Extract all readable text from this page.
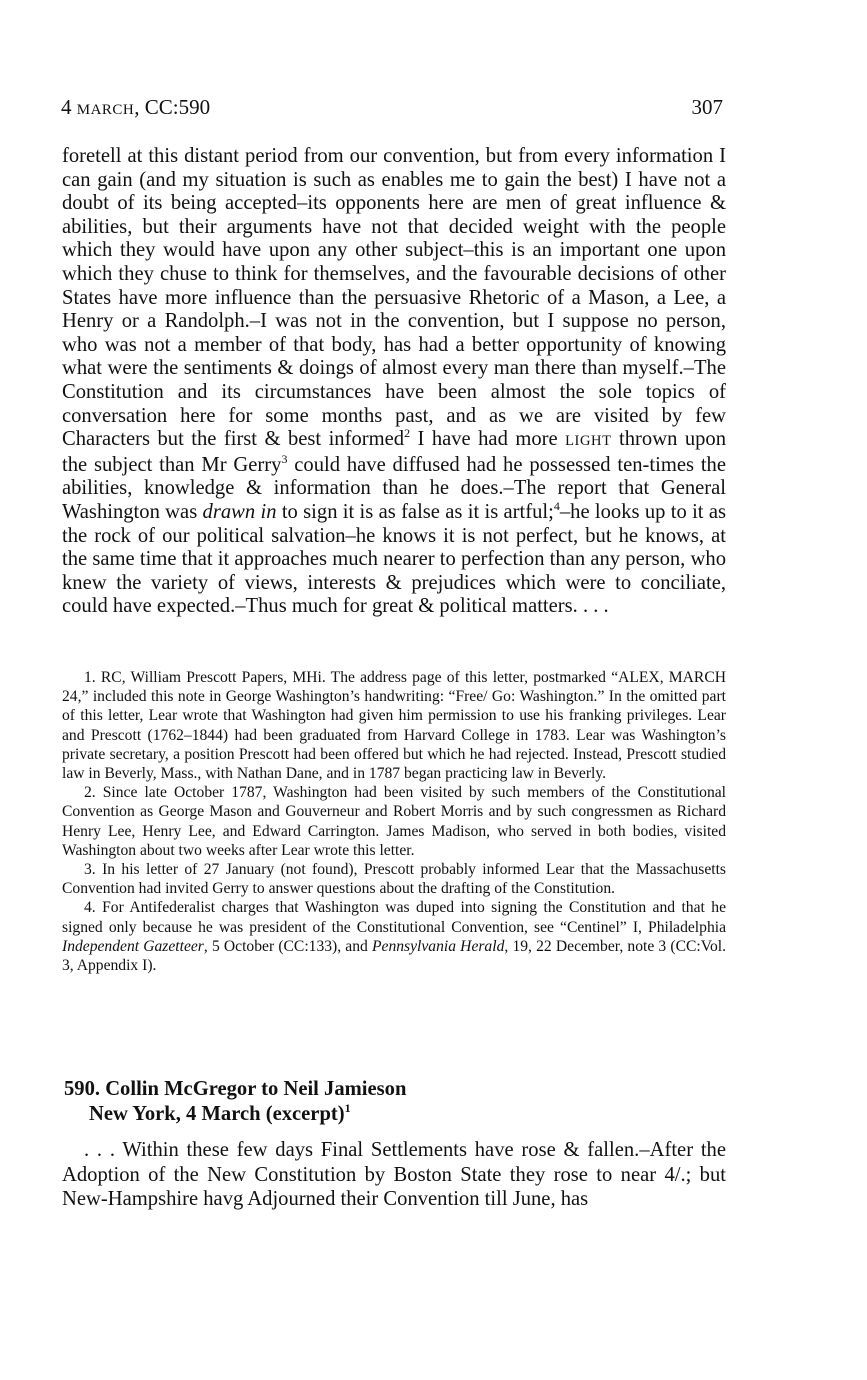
4 MARCH, CC:590	307

foretell at this distant period from our convention, but from every information I can gain (and my situation is such as enables me to gain the best) I have not a doubt of its being accepted–its opponents here are men of great influence & abilities, but their arguments have not that decided weight with the people which they would have upon any other subject–this is an important one upon which they chuse to think for themselves, and the favourable decisions of other States have more influence than the persuasive Rhetoric of a Mason, a Lee, a Henry or a Randolph.–I was not in the convention, but I suppose no person, who was not a member of that body, has had a better opportunity of knowing what were the sentiments & doings of almost every man there than myself.–The Constitution and its circumstances have been almost the sole topics of conversation here for some months past, and as we are visited by few Characters but the first & best informed$^2$ I have had more LIGHT thrown upon the subject than Mr Gerry$^3$ could have diffused had he possessed ten-times the abilities, knowledge & information than he does.–The report that General Washington was drawn in to sign it is as false as it is artful;$^4$–he looks up to it as the rock of our political salvation–he knows it is not perfect, but he knows, at the same time that it approaches much nearer to perfection than any person, who knew the variety of views, interests & prejudices which were to conciliate, could have expected.–Thus much for great & political matters. . . .

1. RC, William Prescott Papers, MHi. The address page of this letter, postmarked “ALEX, MARCH 24,” included this note in George Washington’s handwriting: “Free/ Go: Washington.” In the omitted part of this letter, Lear wrote that Washington had given him permission to use his franking privileges. Lear and Prescott (1762–1844) had been graduated from Harvard College in 1783. Lear was Washington’s private secretary, a position Prescott had been offered but which he had rejected. Instead, Prescott studied law in Beverly, Mass., with Nathan Dane, and in 1787 began practicing law in Beverly.

2. Since late October 1787, Washington had been visited by such members of the Constitutional Convention as George Mason and Gouverneur and Robert Morris and by such congressmen as Richard Henry Lee, Henry Lee, and Edward Carrington. James Madison, who served in both bodies, visited Washington about two weeks after Lear wrote this letter.

3. In his letter of 27 January (not found), Prescott probably informed Lear that the Massachusetts Convention had invited Gerry to answer questions about the drafting of the Constitution.

4. For Antifederalist charges that Washington was duped into signing the Constitution and that he signed only because he was president of the Constitutional Convention, see “Centinel” I, Philadelphia Independent Gazetteer, 5 October (CC:133), and Pennsylvania Herald, 19, 22 December, note 3 (CC:Vol. 3, Appendix I).

590. Collin McGregor to Neil Jamieson
New York, 4 March (excerpt)$^1$

. . . Within these few days Final Settlements have rose & fallen.–After the Adoption of the New Constitution by Boston State they rose to near 4/.; but New-Hampshire havg Adjourned their Convention till June, has
